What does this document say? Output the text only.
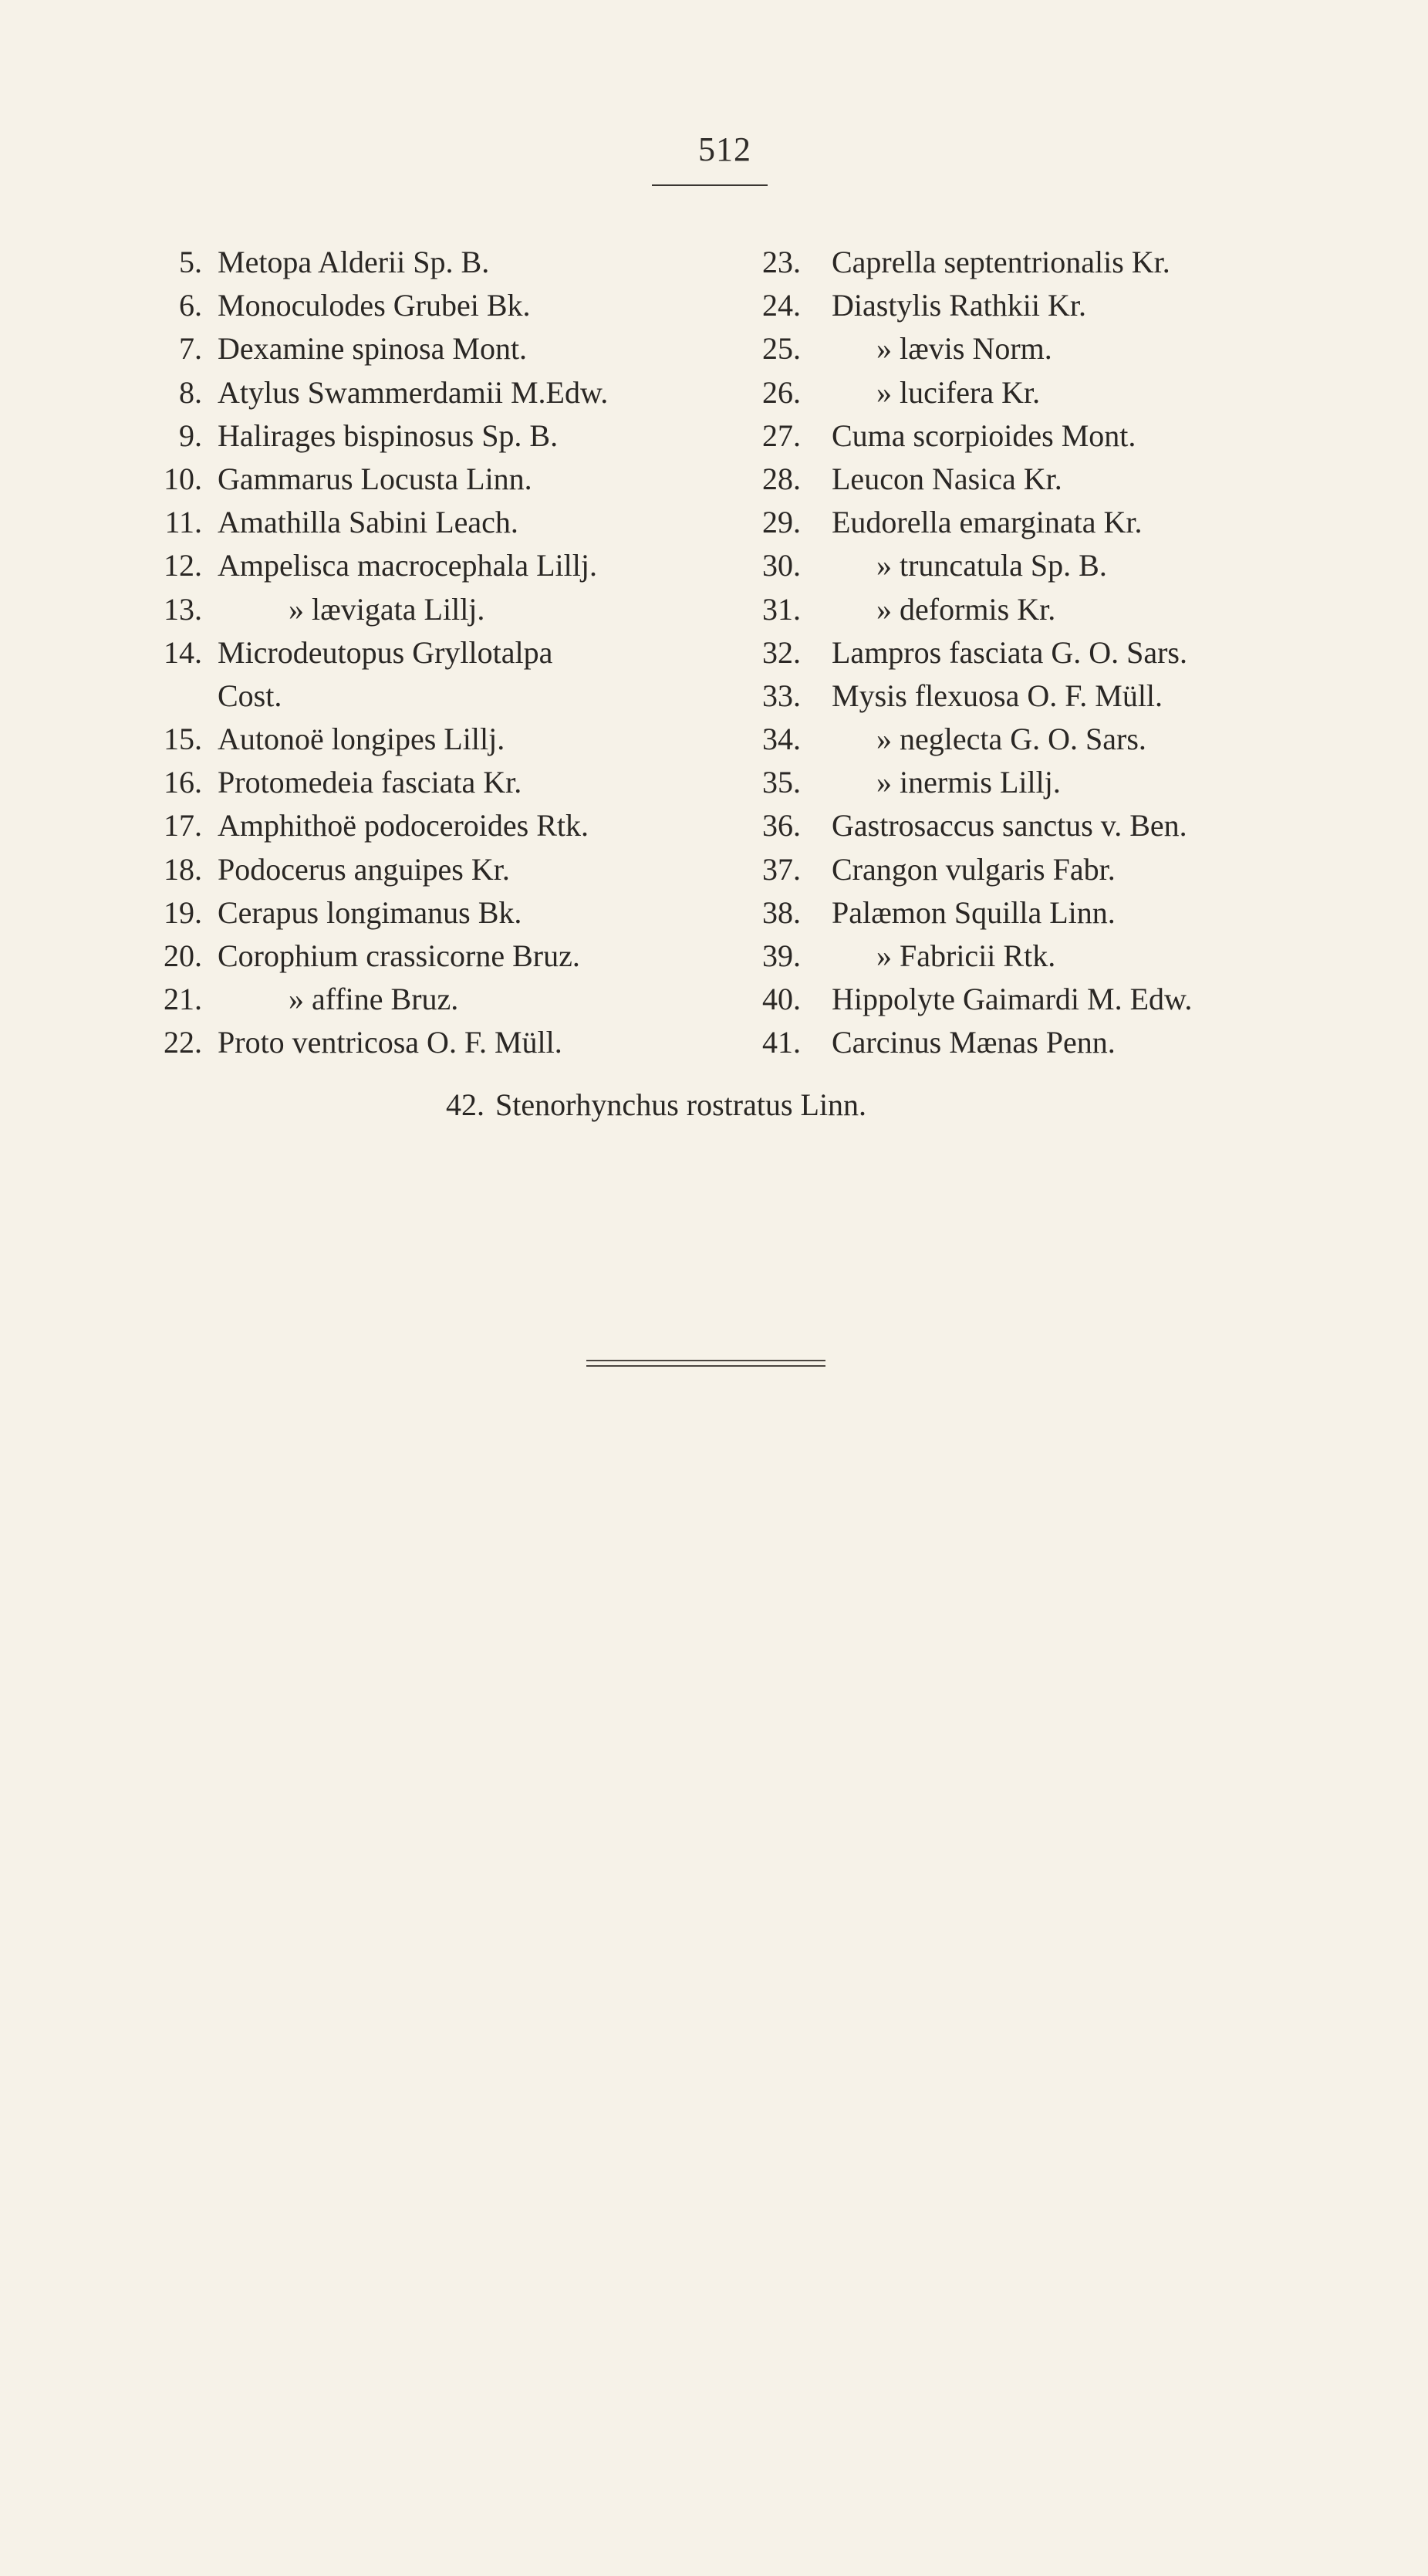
512
5. Metopa Alderii Sp. B.
6. Monoculodes Grubei Bk.
7. Dexamine spinosa Mont.
8. Atylus Swammerdamii M.Edw.
9. Halirages bispinosus Sp. B.
10. Gammarus Locusta Linn.
11. Amathilla Sabini Leach.
12. Ampelisca macrocephala Lillj.
13.	» lævigata Lillj.
14. Microdeutopus Gryllotalpa
Cost.
15. Autonoë longipes Lillj.
16. Protomedeia fasciata Kr.
17. Amphithoë podoceroides Rtk.
18. Podocerus anguipes Kr.
19. Cerapus longimanus Bk.
20. Corophium crassicorne Bruz.
21.	» affine Bruz.
22. Proto ventricosa O. F. Müll.
23. Caprella septentrionalis Kr.
24. Diastylis Rathkii Kr.
25. » lævis Norm.
26. » lucifera Kr.
27. Cuma scorpioides Mont.
28. Leucon Nasica Kr.
29. Eudorella emarginata Kr.
30. » truncatula Sp. B.
31. » deformis Kr.
32. Lampros fasciata G. O. Sars.
33. Mysis flexuosa O. F. Müll.
34. » neglecta G. O. Sars.
35. » inermis Lillj.
36. Gastrosaccus sanctus v. Ben.
37. Crangon vulgaris Fabr.
38. Palæmon Squilla Linn.
39. » Fabricii Rtk.
40. Hippolyte Gaimardi M. Edw.
41. Carcinus Mænas Penn.
42. Stenorhynchus rostratus Linn.
